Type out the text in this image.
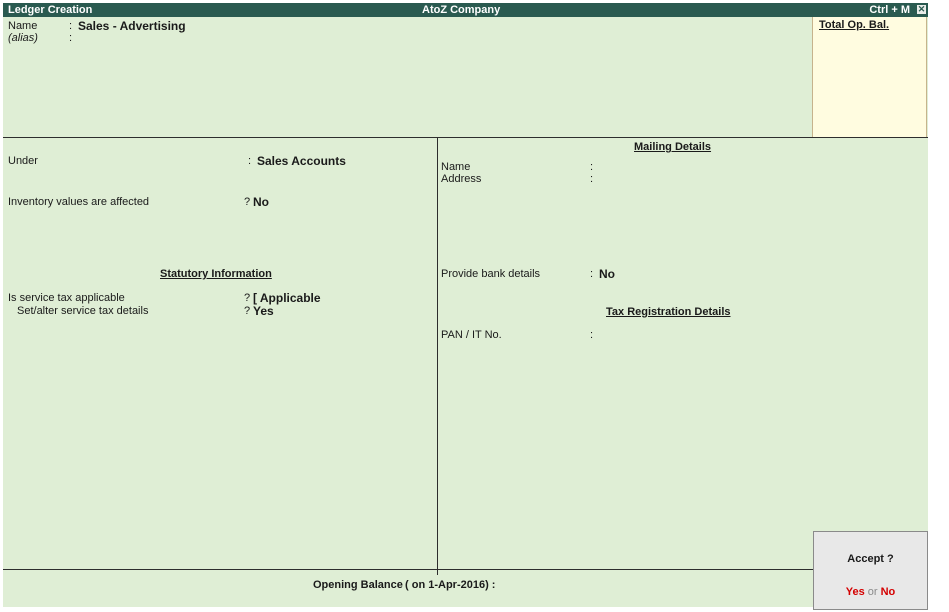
Ledger Creation	AtoZ Company	Ctrl + M ✕
Name	: Sales - Advertising
(alias)	:
Total Op. Bal.
Under	: Sales Accounts
Inventory values are affected	? No
Statutory Information
Is service tax applicable	? [ Applicable
Set/alter service tax details	? Yes
Mailing Details
Name	:
Address	:
Provide bank details	: No
Tax Registration Details
PAN / IT No.	:
Opening Balance ( on 1-Apr-2016) :
Accept ?
Yes or No
